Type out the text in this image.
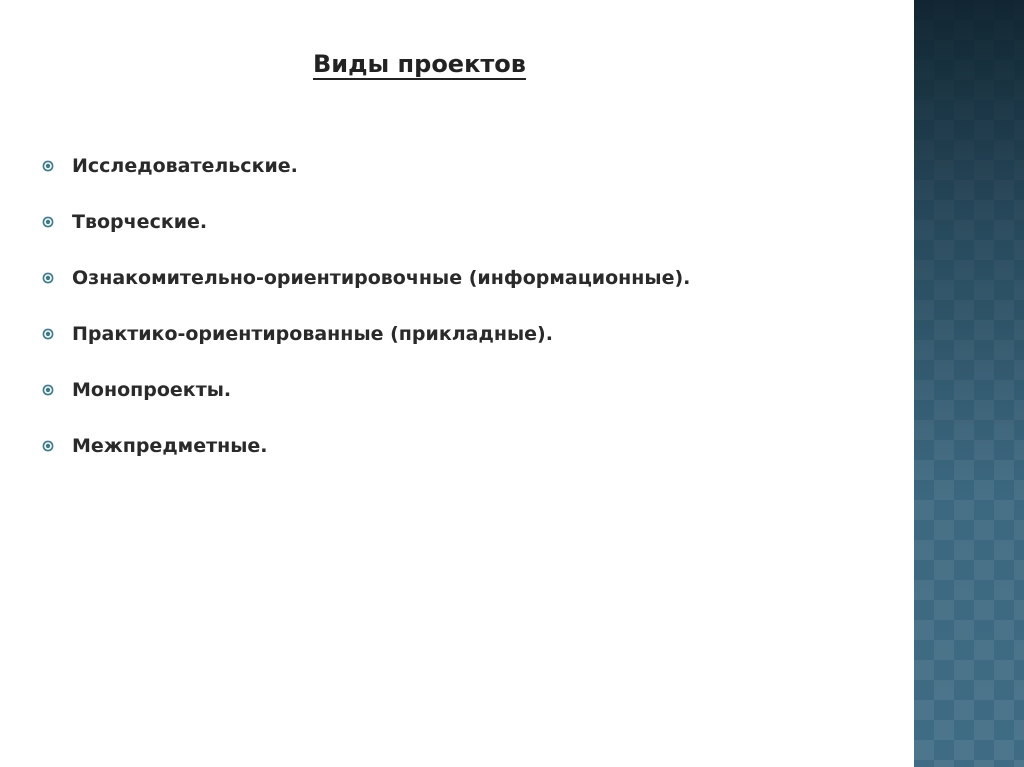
Виды проектов
Исследовательские.
Творческие.
Ознакомительно-ориентировочные (информационные).
Практико-ориентированные (прикладные).
Монопроекты.
Межпредметные.
